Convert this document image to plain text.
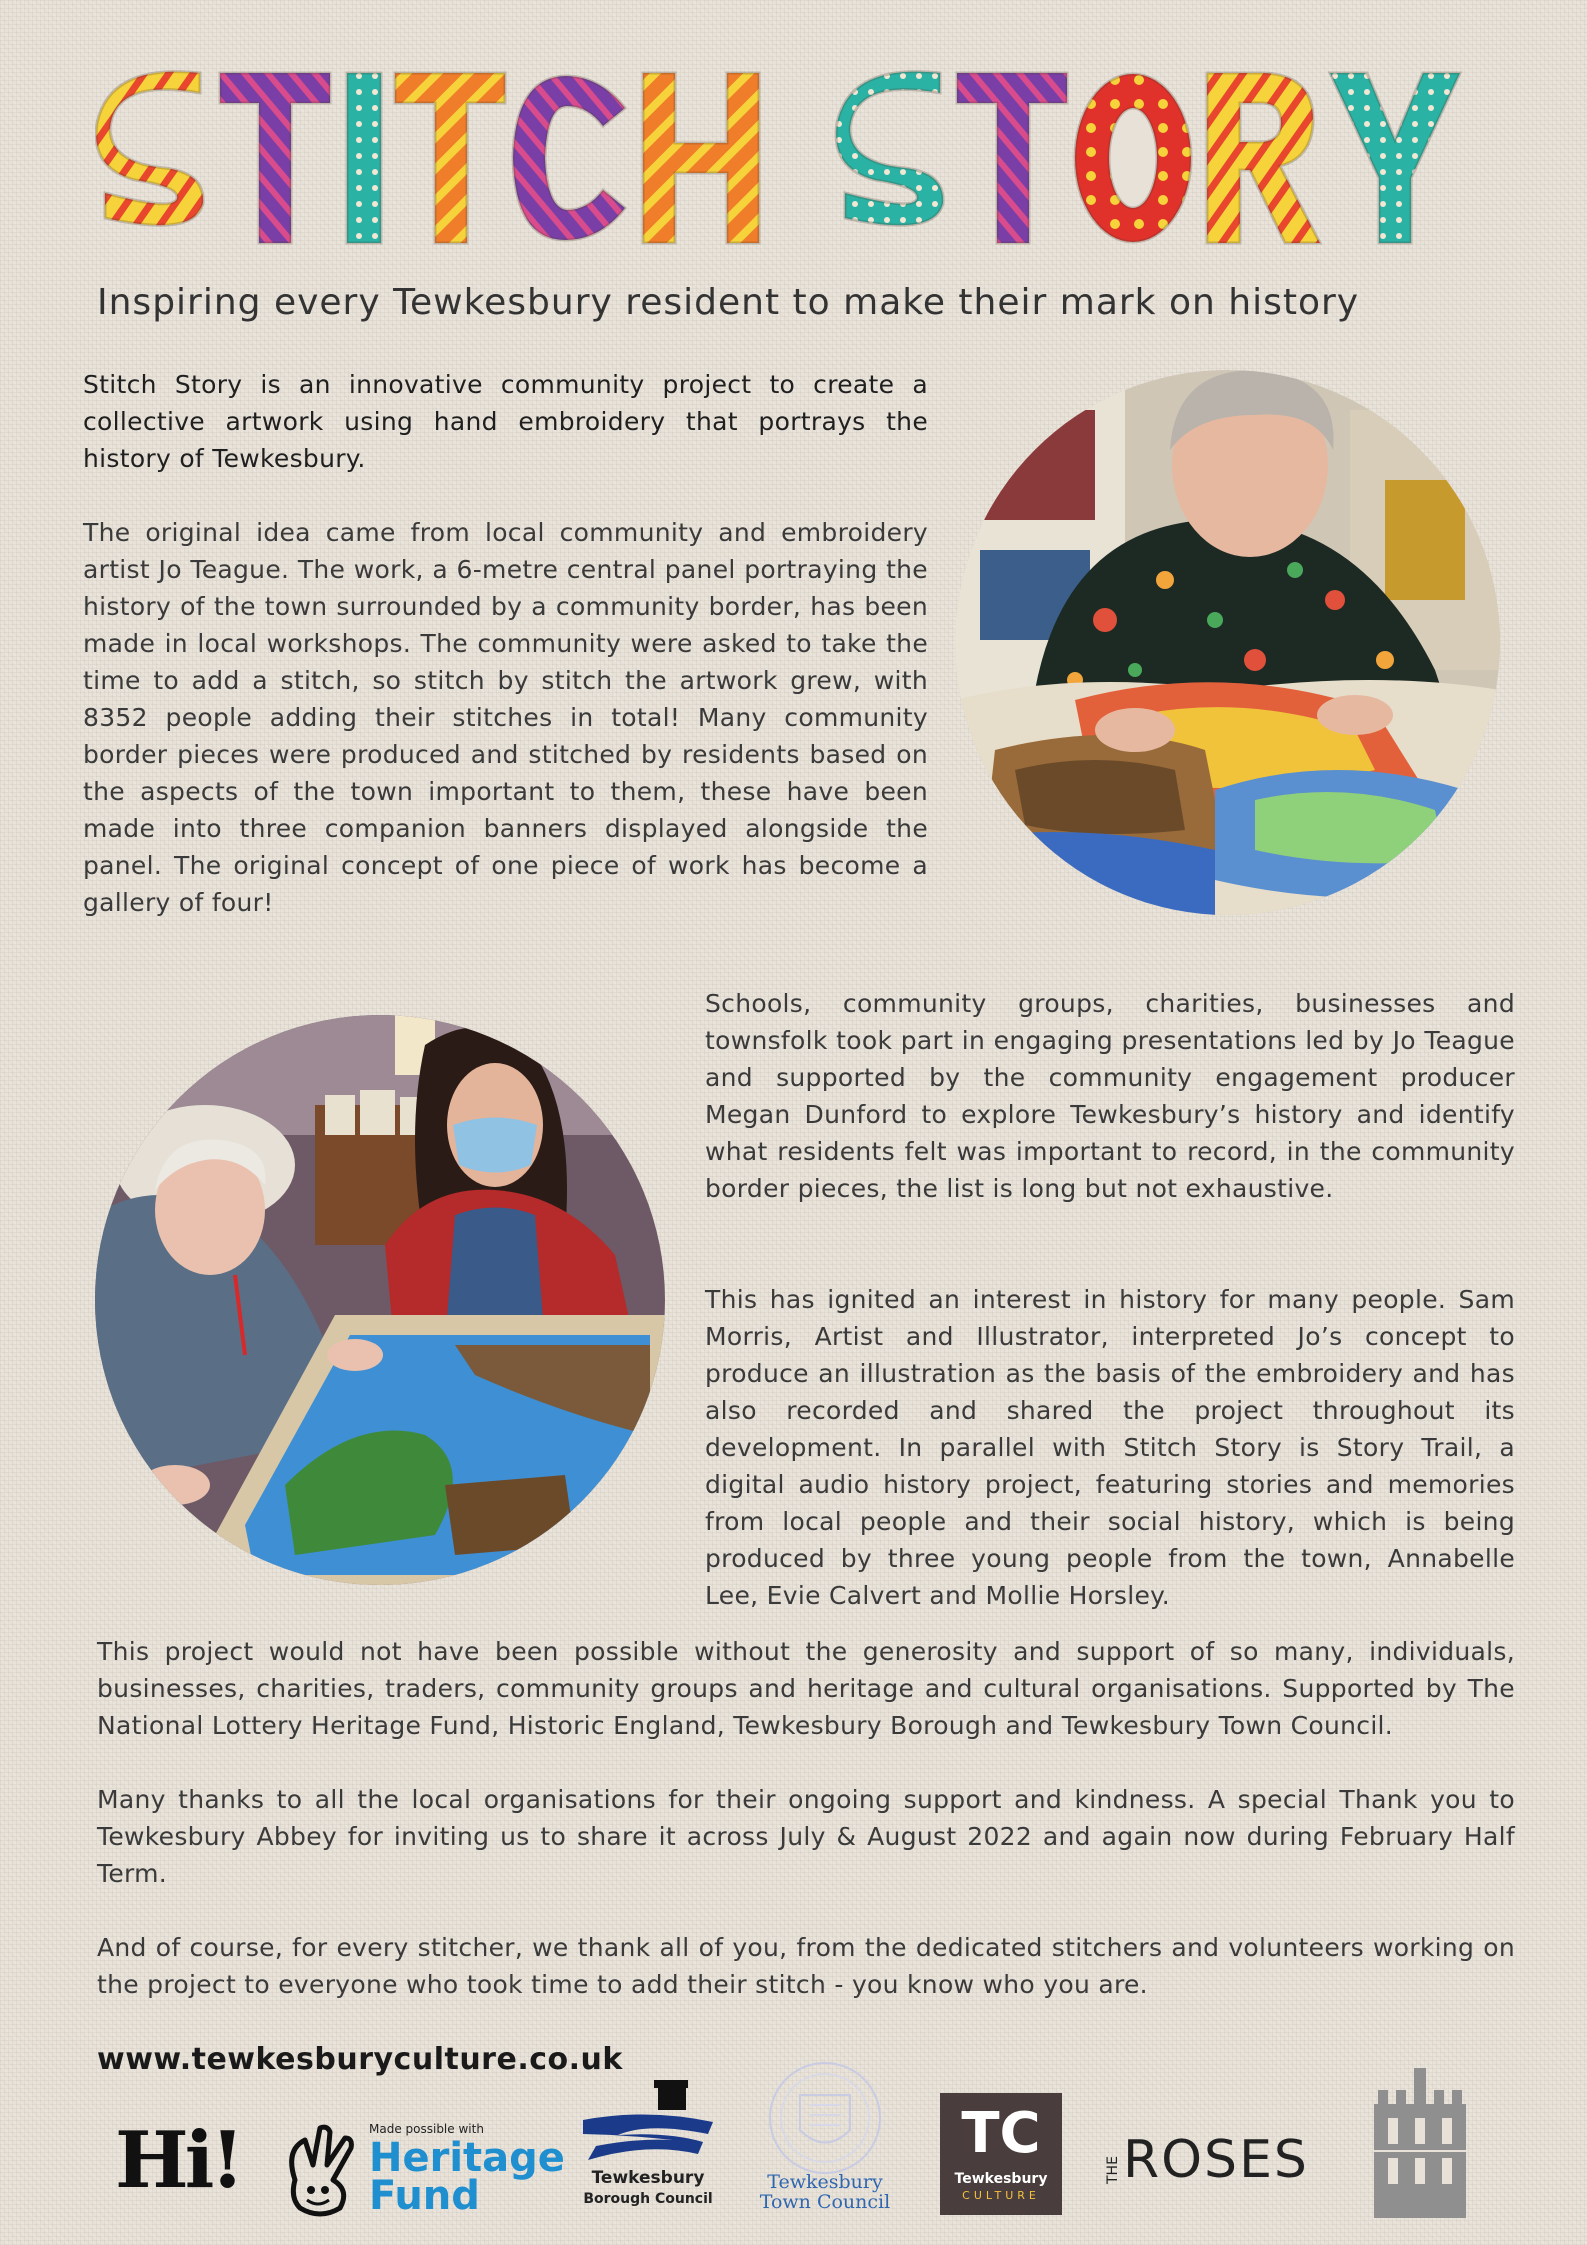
Inspiring every Tewkesbury resident to make their mark on history

Stitch Story is an innovative community project to create a collective artwork using hand embroidery that portrays the history of Tewkesbury.

The original idea came from local community and embroidery artist Jo Teague. The work, a 6-metre central panel portraying the history of the town surrounded by a community border, has been made in local workshops. The community were asked to take the time to add a stitch, so stitch by stitch the artwork grew, with 8352 people adding their stitches in total! Many community border pieces were produced and stitched by residents based on the aspects of the town important to them, these have been made into three companion banners displayed alongside the panel. The original concept of one piece of work has become a gallery of four!

Schools, community groups, charities, businesses and townsfolk took part in engaging presentations led by Jo Teague and supported by the community engagement producer Megan Dunford to explore Tewkesbury’s history and identify what residents felt was important to record, in the community border pieces, the list is long but not exhaustive.

This has ignited an interest in history for many people. Sam Morris, Artist and Illustrator, interpreted Jo’s concept to produce an illustration as the basis of the embroidery and has also recorded and shared the project throughout its development. In parallel with Stitch Story is Story Trail, a digital audio history project, featuring stories and memories from local people and their social history, which is being produced by three young people from the town, Annabelle Lee, Evie Calvert and Mollie Horsley.

This project would not have been possible without the generosity and support of so many, individuals, businesses, charities, traders, community groups and heritage and cultural organisations. Supported by The National Lottery Heritage Fund, Historic England, Tewkesbury Borough and Tewkesbury Town Council.

Many thanks to all the local organisations for their ongoing support and kindness. A special Thank you to Tewkesbury Abbey for inviting us to share it across July & August 2022 and again now during February Half Term.

And of course, for every stitcher, we thank all of you, from the dedicated stitchers and volunteers working on the project to everyone who took time to add their stitch - you know who you are.

www.tewkesburyculture.co.uk
Hi!	Made possible with
Heritage
Fund	Tewkesbury
Borough Council
Tewkesbury
Town Council
TC
Tewkesbury
CULTURE
THE ROSES
